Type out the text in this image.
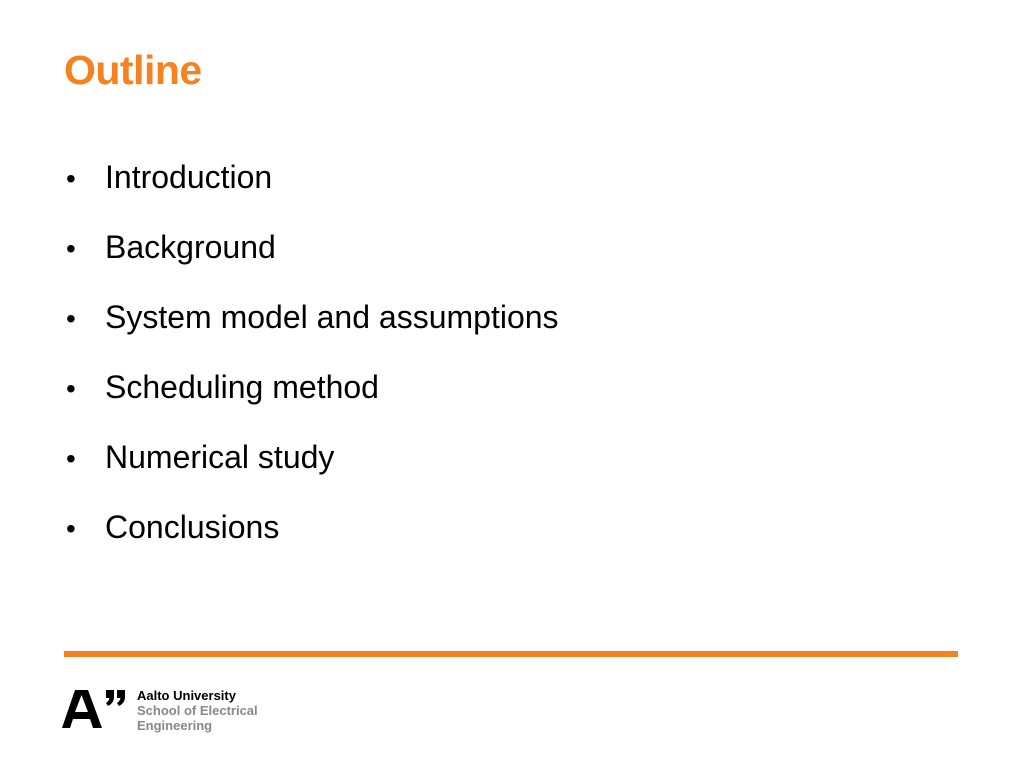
Outline
• Introduction
• Background
• System model and assumptions
• Scheduling method
• Numerical study
• Conclusions
Aalto University
School of Electrical
Engineering
